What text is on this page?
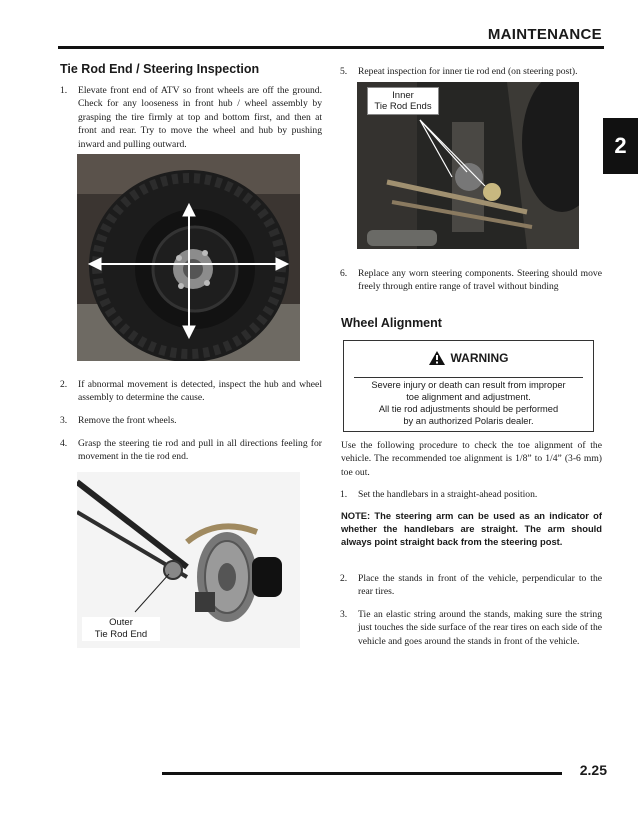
MAINTENANCE
2
Tie Rod End / Steering Inspection
1. Elevate front end of ATV so front wheels are off the ground. Check for any looseness in front hub / wheel assembly by grasping the tire firmly at top and bottom first, and then at front and rear. Try to move the wheel and hub by pushing inward and pulling outward.
2. If abnormal movement is detected, inspect the hub and wheel assembly to determine the cause.
3. Remove the front wheels.
4. Grasp the steering tie rod and pull in all directions feeling for movement in the tie rod end.
Outer
Tie Rod End
5. Repeat inspection for inner tie rod end (on steering post).
Inner
Tie Rod Ends
6. Replace any worn steering components. Steering should move freely through entire range of travel without binding
Wheel Alignment
WARNING
Severe injury or death can result from improper
toe alignment and adjustment.
All tie rod adjustments should be performed
by an authorized Polaris dealer.
Use the following procedure to check the toe alignment of the vehicle. The recommended toe alignment is 1/8” to 1/4” (3-6 mm) toe out.
1. Set the handlebars in a straight-ahead position.
NOTE: The steering arm can be used as an indicator of whether the handlebars are straight. The arm should always point straight back from the steering post.
2. Place the stands in front of the vehicle, perpendicular to the rear tires.
3. Tie an elastic string around the stands, making sure the string just touches the side surface of the rear tires on each side of the vehicle and goes around the stands in front of the vehicle.
2.25
